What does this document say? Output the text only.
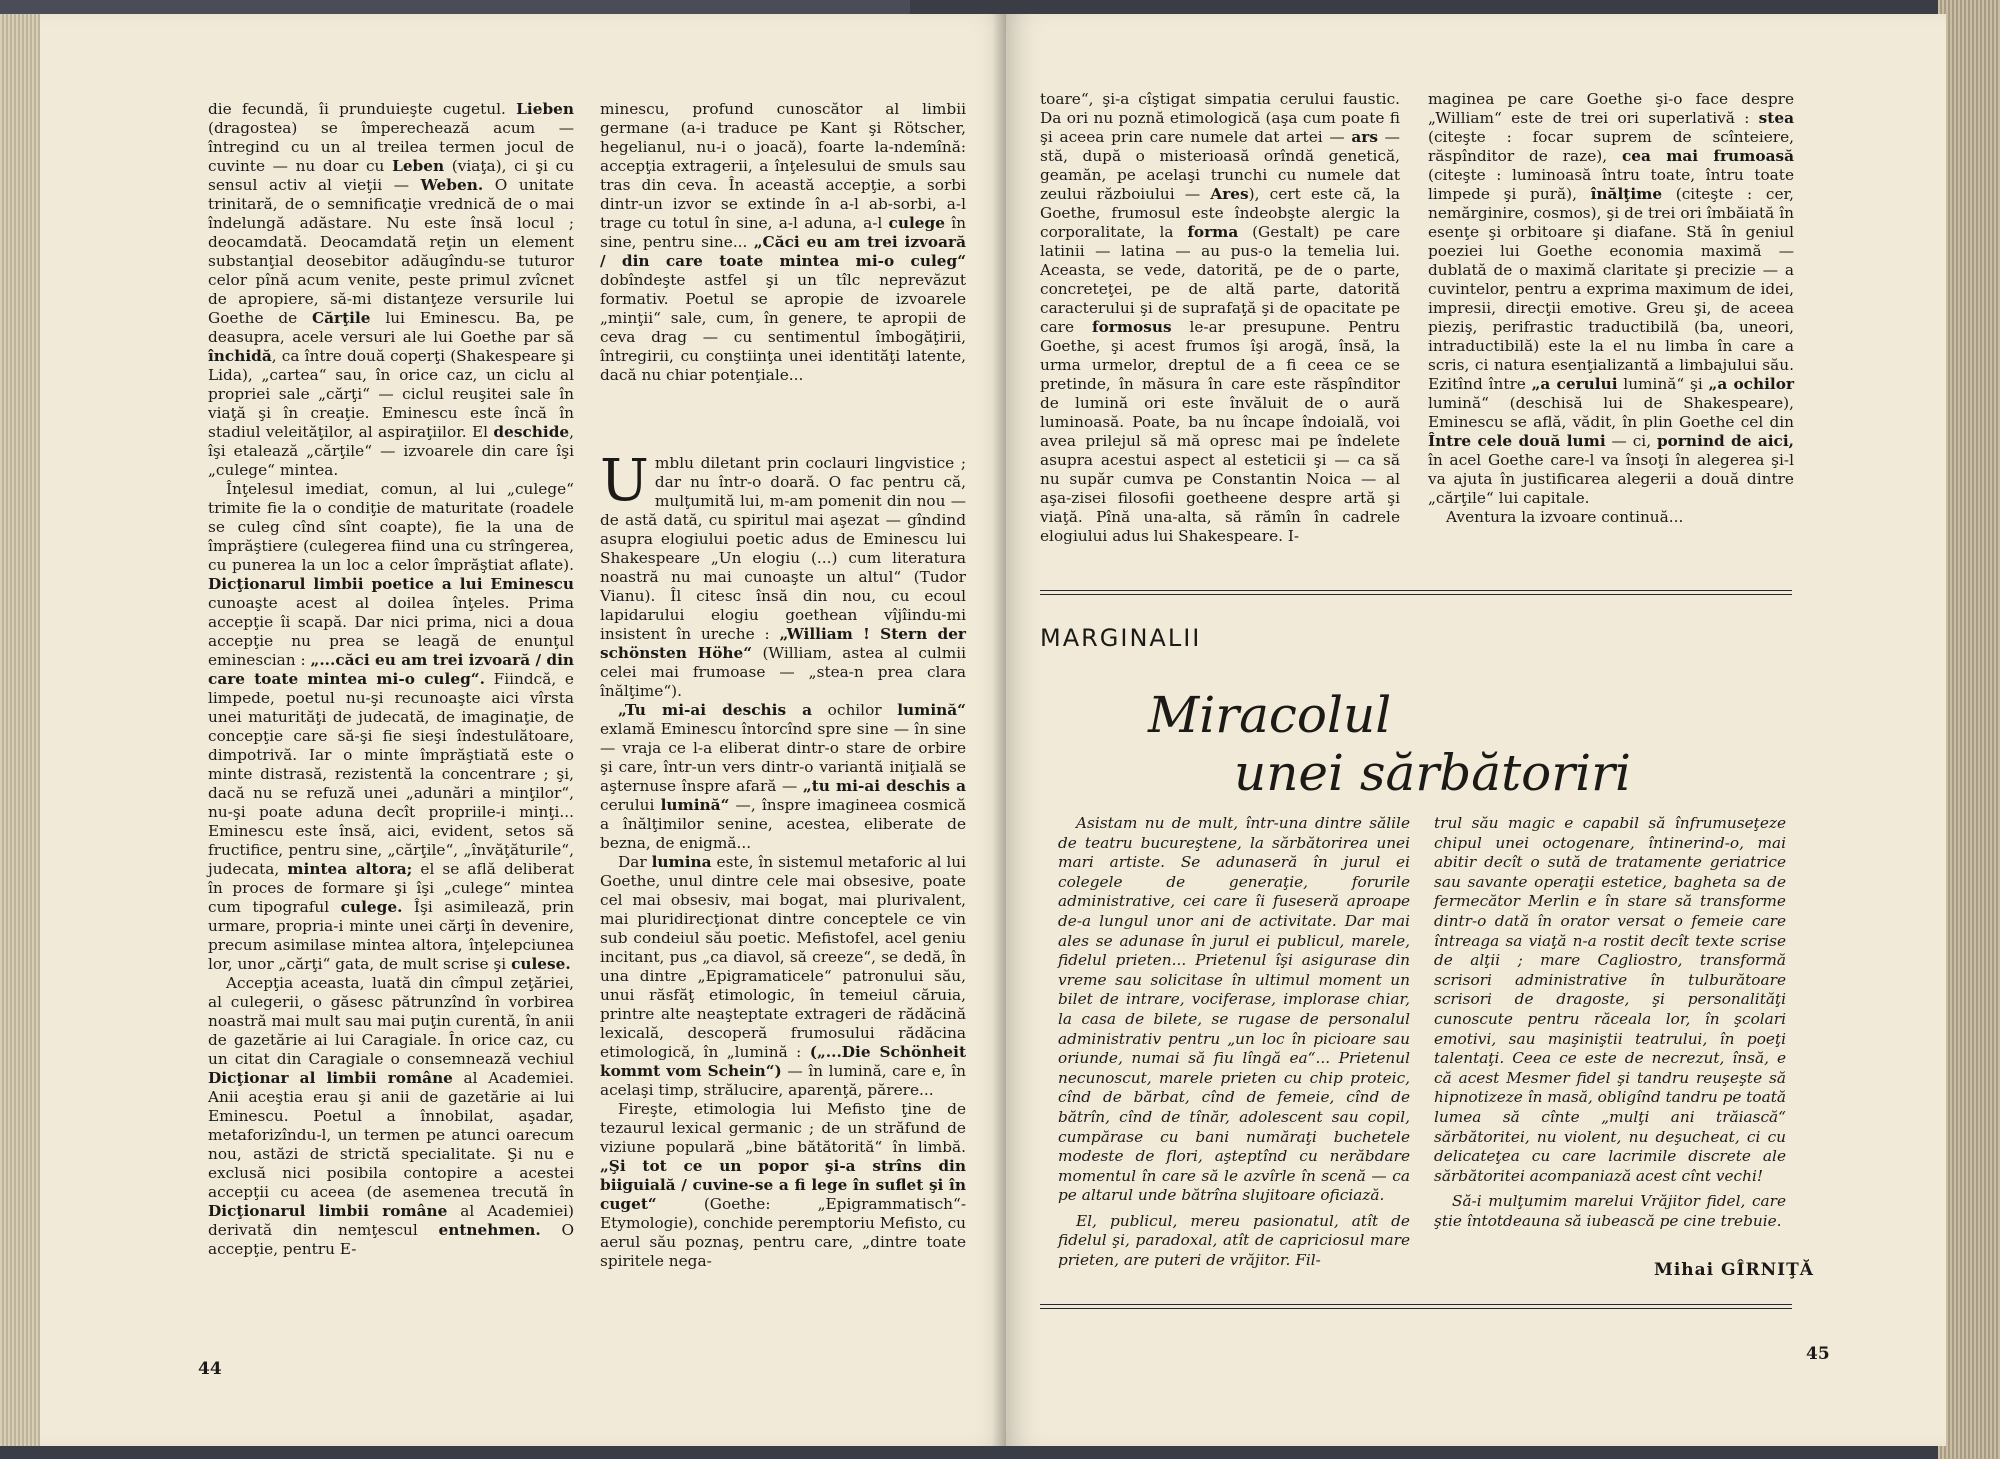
die fecundă, îi prunduieşte cugetul. Lieben (dragostea) se împerechează acum — întregind cu un al treilea termen jocul de cuvinte — nu doar cu Leben (viaţa), ci şi cu sensul activ al vieţii — Weben. O unitate trinitară, de o semnificaţie vrednică de o mai îndelungă adăstare. Nu este însă locul ; deocamdată. Deocamdată reţin un element substanţial deosebitor adăugîndu-se tuturor celor pînă acum venite, peste primul zvîcnet de apropiere, să-mi distanţeze versurile lui Goethe de Cărţile lui Eminescu. Ba, pe deasupra, acele versuri ale lui Goethe par să închidă, ca între două coperţi (Shakespeare şi Lida), „cartea“ sau, în orice caz, un ciclu al propriei sale „cărţi“ — ciclul reuşitei sale în viaţă şi în creaţie. Eminescu este încă în stadiul veleităţilor, al aspiraţiilor. El deschide, îşi etalează „cărţile“ — izvoarele din care îşi „culege“ mintea.

Înţelesul imediat, comun, al lui „culege“ trimite fie la o condiţie de maturitate (roadele se culeg cînd sînt coapte), fie la una de împrăştiere (culegerea fiind una cu strîngerea, cu punerea la un loc a celor împrăştiat aflate). Dicţionarul limbii poetice a lui Eminescu cunoaşte acest al doilea înţeles. Prima accepţie îi scapă. Dar nici prima, nici a doua accepţie nu prea se leagă de enunţul eminescian : „...căci eu am trei izvoară / din care toate mintea mi-o culeg“. Fiindcă, e limpede, poetul nu-şi recunoaşte aici vîrsta unei maturităţi de judecată, de imaginaţie, de concepţie care să-şi fie sieşi îndestulătoare, dimpotrivă. Iar o minte împrăştiată este o minte distrasă, rezistentă la concentrare ; şi, dacă nu se refuză unei „adunări a minţilor“, nu-şi poate aduna decît propriile-i minţi... Eminescu este însă, aici, evident, setos să fructifice, pentru sine, „cărţile“, „învăţăturile“, judecata, mintea altora; el se află deliberat în proces de formare şi îşi „culege“ mintea cum tipograful culege. Îşi asimilează, prin urmare, propria-i minte unei cărţi în devenire, precum asimilase mintea altora, înţelepciunea lor, unor „cărţi“ gata, de mult scrise şi culese.

Accepţia aceasta, luată din cîmpul zeţăriei, al culegerii, o găsesc pătrunzînd în vorbirea noastră mai mult sau mai puţin curentă, în anii de gazetărie ai lui Caragiale. În orice caz, cu un citat din Caragiale o consemnează vechiul Dicţionar al limbii române al Academiei. Anii aceştia erau şi anii de gazetărie ai lui Eminescu. Poetul a înnobilat, aşadar, metaforizîndu-l, un termen pe atunci oarecum nou, astăzi de strictă specialitate. Şi nu e exclusă nici posibila contopire a acestei accepţii cu aceea (de asemenea trecută în Dicţionarul limbii române al Academiei) derivată din nemţescul entnehmen. O accepţie, pentru E-

minescu, profund cunoscător al limbii germane (a-i traduce pe Kant şi Rötscher, hegelianul, nu-i o joacă), foarte la-ndemînă: accepţia extragerii, a înţelesului de smuls sau tras din ceva. În această accepţie, a sorbi dintr-un izvor se extinde în a-l ab-sorbi, a-l trage cu totul în sine, a-l aduna, a-l culege în sine, pentru sine... „Căci eu am trei izvoară / din care toate mintea mi-o culeg“ dobîndeşte astfel şi un tîlc neprevăzut formativ. Poetul se apropie de izvoarele „minţii“ sale, cum, în genere, te apropii de ceva drag — cu sentimentul îmbogăţirii, întregirii, cu conştiinţa unei identităţi latente, dacă nu chiar potenţiale...

Umblu diletant prin coclauri lingvistice ; dar nu într-o doară. O fac pentru că, mulţumită lui, m-am pomenit din nou — de astă dată, cu spiritul mai aşezat — gîndind asupra elogiului poetic adus de Eminescu lui Shakespeare „Un elogiu (...) cum literatura noastră nu mai cunoaşte un altul“ (Tudor Vianu). Îl citesc însă din nou, cu ecoul lapidarului elogiu goethean vîjîindu-mi insistent în ureche : „William ! Stern der schönsten Höhe“ (William, astea al culmii celei mai frumoase — „stea-n prea clara înălţime“).

„Tu mi-ai deschis a ochilor lumină“ exlamă Eminescu întorcînd spre sine — în sine — vraja ce l-a eliberat dintr-o stare de orbire şi care, într-un vers dintr-o variantă iniţială se aşternuse înspre afară — „tu mi-ai deschis a cerului lumină“ —, înspre imagineea cosmică a înălţimilor senine, acestea, eliberate de bezna, de enigmă...

Dar lumina este, în sistemul metaforic al lui Goethe, unul dintre cele mai obsesive, poate cel mai obsesiv, mai bogat, mai plurivalent, mai pluridirecţionat dintre conceptele ce vin sub condeiul său poetic. Mefistofel, acel geniu incitant, pus „ca diavol, să creeze“, se dedă, în una dintre „Epigramaticele“ patronului său, unui răsfăţ etimologic, în temeiul căruia, printre alte neaşteptate extrageri de rădăcină lexicală, descoperă frumosului rădăcina etimologică, în „lumină : („...Die Schönheit kommt vom Schein“) — în lumină, care e, în acelaşi timp, strălucire, aparenţă, părere...

Fireşte, etimologia lui Mefisto ţine de tezaurul lexical germanic ; de un străfund de viziune populară „bine bătătorită“ în limbă. „Şi tot ce un popor şi-a strîns din biiguială / cuvine-se a fi lege în suflet şi în cuget“ (Goethe: „Epigrammatisch“-Etymologie), conchide peremptoriu Mefisto, cu aerul său poznaş, pentru care, „dintre toate spiritele nega-

44

toare“, şi-a cîştigat simpatia cerului faustic. Da ori nu poznă etimologică (aşa cum poate fi şi aceea prin care numele dat artei — ars — stă, după o misterioasă orîndă genetică, geamăn, pe acelaşi trunchi cu numele dat zeului războiului — Ares), cert este că, la Goethe, frumosul este îndeobşte alergic la corporalitate, la forma (Gestalt) pe care latinii — latina — au pus-o la temelia lui. Aceasta, se vede, datorită, pe de o parte, concreteţei, pe de altă parte, datorită caracterului şi de suprafaţă şi de opacitate pe care formosus le-ar presupune. Pentru Goethe, şi acest frumos îşi arogă, însă, la urma urmelor, dreptul de a fi ceea ce se pretinde, în măsura în care este răspînditor de lumină ori este învăluit de o aură luminoasă. Poate, ba nu încape îndoială, voi avea prilejul să mă opresc mai pe îndelete asupra acestui aspect al esteticii şi — ca să nu supăr cumva pe Constantin Noica — al aşa-zisei filosofii goetheene despre artă şi viaţă. Pînă una-alta, să rămîn în cadrele elogiului adus lui Shakespeare. I-

maginea pe care Goethe şi-o face despre „William“ este de trei ori superlativă : stea (citeşte : focar suprem de scînteiere, răspînditor de raze), cea mai frumoasă (citeşte : luminoasă întru toate, întru toate limpede şi pură), înălţime (citeşte : cer, nemărginire, cosmos), şi de trei ori îmbăiată în esenţe şi orbitoare şi diafane. Stă în geniul poeziei lui Goethe economia maximă — dublată de o maximă claritate şi precizie — a cuvintelor, pentru a exprima maximum de idei, impresii, direcţii emotive. Greu şi, de aceea pieziş, perifrastic traductibilă (ba, uneori, intraductibilă) este la el nu limba în care a scris, ci natura esenţializantă a limbajului său. Ezitînd între „a cerului lumină“ şi „a ochilor lumină“ (deschisă lui de Shakespeare), Eminescu se află, vădit, în plin Goethe cel din Între cele două lumi — ci, pornind de aici, în acel Goethe care-l va însoţi în alegerea şi-l va ajuta în justificarea alegerii a două dintre „cărţile“ lui capitale.

Aventura la izvoare continuă...

MARGINALII
Miracolul
unei sărbătoriri

Asistam nu de mult, într-una dintre sălile de teatru bucureştene, la sărbătorirea unei mari artiste. Se adunaseră în jurul ei colegele de generaţie, forurile administrative, cei care îi fuseseră aproape de-a lungul unor ani de activitate. Dar mai ales se adunase în jurul ei publicul, marele, fidelul prieten... Prietenul îşi asigurase din vreme sau solicitase în ultimul moment un bilet de intrare, vociferase, implorase chiar, la casa de bilete, se rugase de personalul administrativ pentru „un loc în picioare sau oriunde, numai să fiu lîngă ea“... Prietenul necunoscut, marele prieten cu chip proteic, cînd de bărbat, cînd de femeie, cînd de bătrîn, cînd de tînăr, adolescent sau copil, cumpărase cu bani număraţi buchetele modeste de flori, aşteptînd cu nerăbdare momentul în care să le azvîrle în scenă — ca pe altarul unde bătrîna slujitoare oficiază.

El, publicul, mereu pasionatul, atît de fidelul şi, paradoxal, atît de capriciosul mare prieten, are puteri de vrăjitor. Fil-

trul său magic e capabil să înfrumuseţeze chipul unei octogenare, întinerind-o, mai abitir decît o sută de tratamente geriatrice sau savante operaţii estetice, bagheta sa de fermecător Merlin e în stare să transforme dintr-o dată în orator versat o femeie care întreaga sa viaţă n-a rostit decît texte scrise de alţii ; mare Cagliostro, transformă scrisori administrative în tulburătoare scrisori de dragoste, şi personalităţi cunoscute pentru răceala lor, în şcolari emotivi, sau maşiniştii teatrului, în poeţi talentaţi. Ceea ce este de necrezut, însă, e că acest Mesmer fidel şi tandru reuşeşte să hipnotizeze în masă, obligînd tandru pe toată lumea să cînte „mulţi ani trăiască“ sărbătoritei, nu violent, nu deşucheat, ci cu delicateţea cu care lacrimile discrete ale sărbătoritei acompaniază acest cînt vechi!

Să-i mulţumim marelui Vrăjitor fidel, care ştie întotdeauna să iubească pe cine trebuie.

Mihai GÎRNIŢĂ
45
